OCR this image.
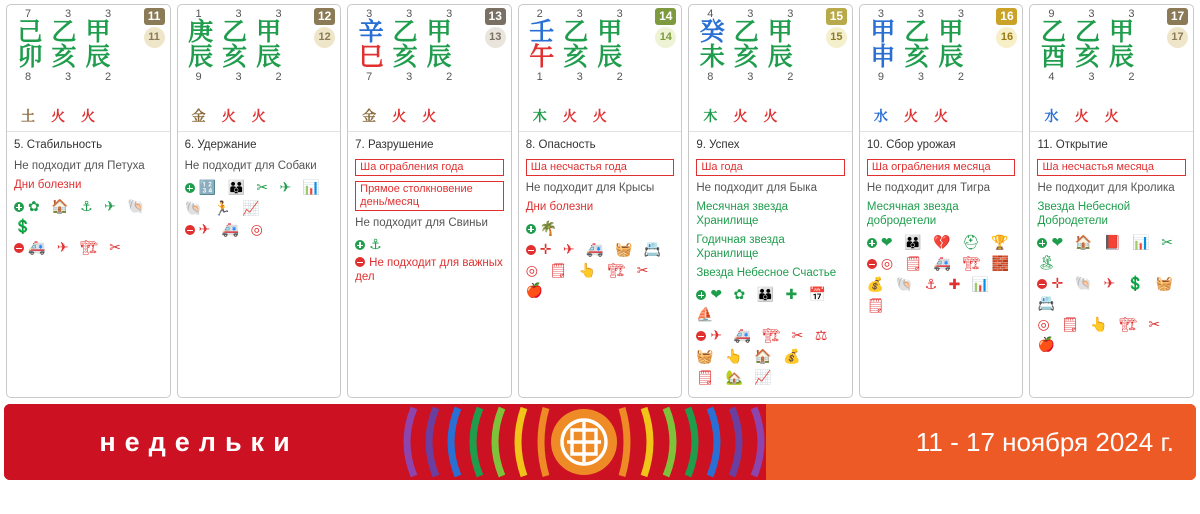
7	3	3
己 乙 甲
卯 亥 辰
8	3	2
11
11
土 火 火
5. Стабильность
Не подходит для Петуха
Дни болезни
✿ 🏠 ⚓ ✈ 🐚 💲
🚑 ✈ 🏗 ✂
1	3	3
庚 乙 甲
辰 亥 辰
9	3	2
12
12
金 火 火
6. Удержание
Не подходит для Собаки
🔢 👪 ✂ ✈ 📊
🐚 🏃 📈
✈ 🚑 ◎
3	3	3
辛 乙 甲
巳 亥 辰
7	3	2
13
13
金 火 火
7. Разрушение
Ша ограбления года
Прямое столкновение день/месяц
Не подходит для Свиньи
⚓
Не подходит для важных дел
2	3	3
壬 乙 甲
午 亥 辰
1	3	2
14
14
木 火 火
8. Опасность
Ша несчастья года
Не подходит для Крысы
Дни болезни
🌴
✛ ✈ 🚑 🧺 📇
◎ 🗒 👆 🏗 ✂ 🍎
4	3	3
癸 乙 甲
未 亥 辰
8	3	2
15
15
木 火 火
9. Успех
Ша года
Не подходит для Быка
Месячная звезда Хранилище
Годичная звезда Хранилище
Звезда Небесное Счастье
❤ ✿ 👪 ✚ 📅 ⛵
✈ 🚑 🏗 ✂ ⚖
🧺 👆 🏠 💰
🗒 🏡 📈
3	3	3
甲 乙 甲
申 亥 辰
9	3	2
16
16
水 火 火
10. Сбор урожая
Ша ограбления месяца
Не подходит для Тигра
Месячная звезда добродетели
❤ 👪 💔 ⛑ 🏆
◎ 🗒 🚑 🏗 🧱
💰 🐚 ⚓ ✚ 📊
🗒
9	3	3
乙 乙 甲
酉 亥 辰
4	3	2
17
17
水 火 火
11. Открытие
Ша несчастья месяца
Не подходит для Кролика
Звезда Небесной Добродетели
❤ 🏠 📕 📊 ✂ 🏝
✛ 🐚 ✈ 💲 🧺 📇
◎ 🗒 👆 🏗 ✂ 🍎
недельки	11 - 17 ноября 2024 г.
